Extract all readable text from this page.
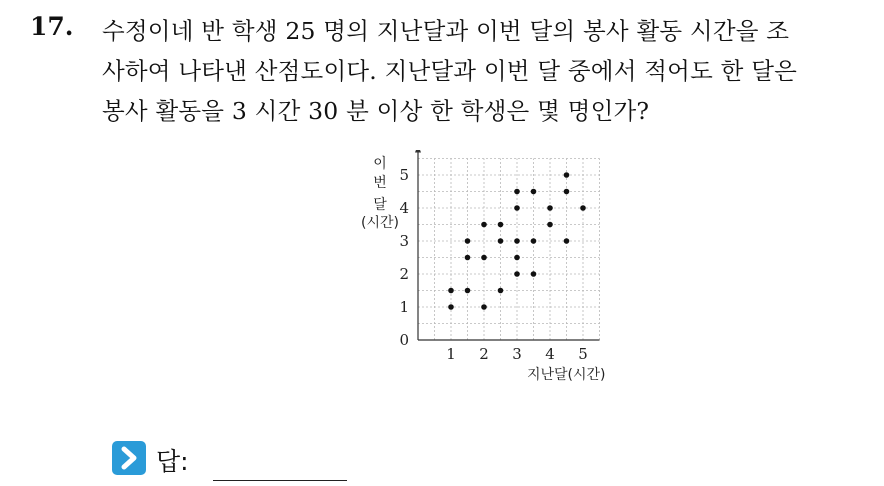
17. 수정이네 반 학생 25 명의 지난달과 이번 달의 봉사 활동 시간을 조
사하여 나타낸 산점도이다. 지난달과 이번 달 중에서 적어도 한 달은
봉사 활동을 3 시간 30 분 이상 한 학생은 몇 명인가?
1 2 3 4 5
1
2
3
4
5
0
이
번
달
(시간)
지난달(시간)
답:
